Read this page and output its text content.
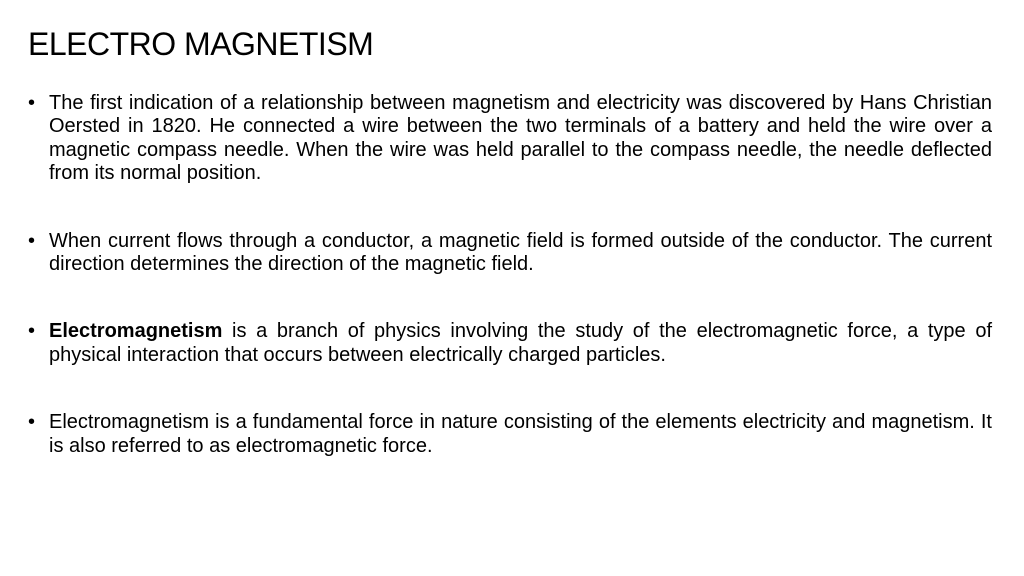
ELECTRO MAGNETISM
• The first indication of a relationship between magnetism and electricity was discovered by Hans Christian Oersted in 1820. He connected a wire between the two terminals of a battery and held the wire over a magnetic compass needle. When the wire was held parallel to the compass needle, the needle deflected from its normal position.
• When current flows through a conductor, a magnetic field is formed outside of the conductor. The current direction determines the direction of the magnetic field.
• Electromagnetism is a branch of physics involving the study of the electromagnetic force, a type of physical interaction that occurs between electrically charged particles.
• Electromagnetism is a fundamental force in nature consisting of the elements electricity and magnetism. It is also referred to as electromagnetic force.
